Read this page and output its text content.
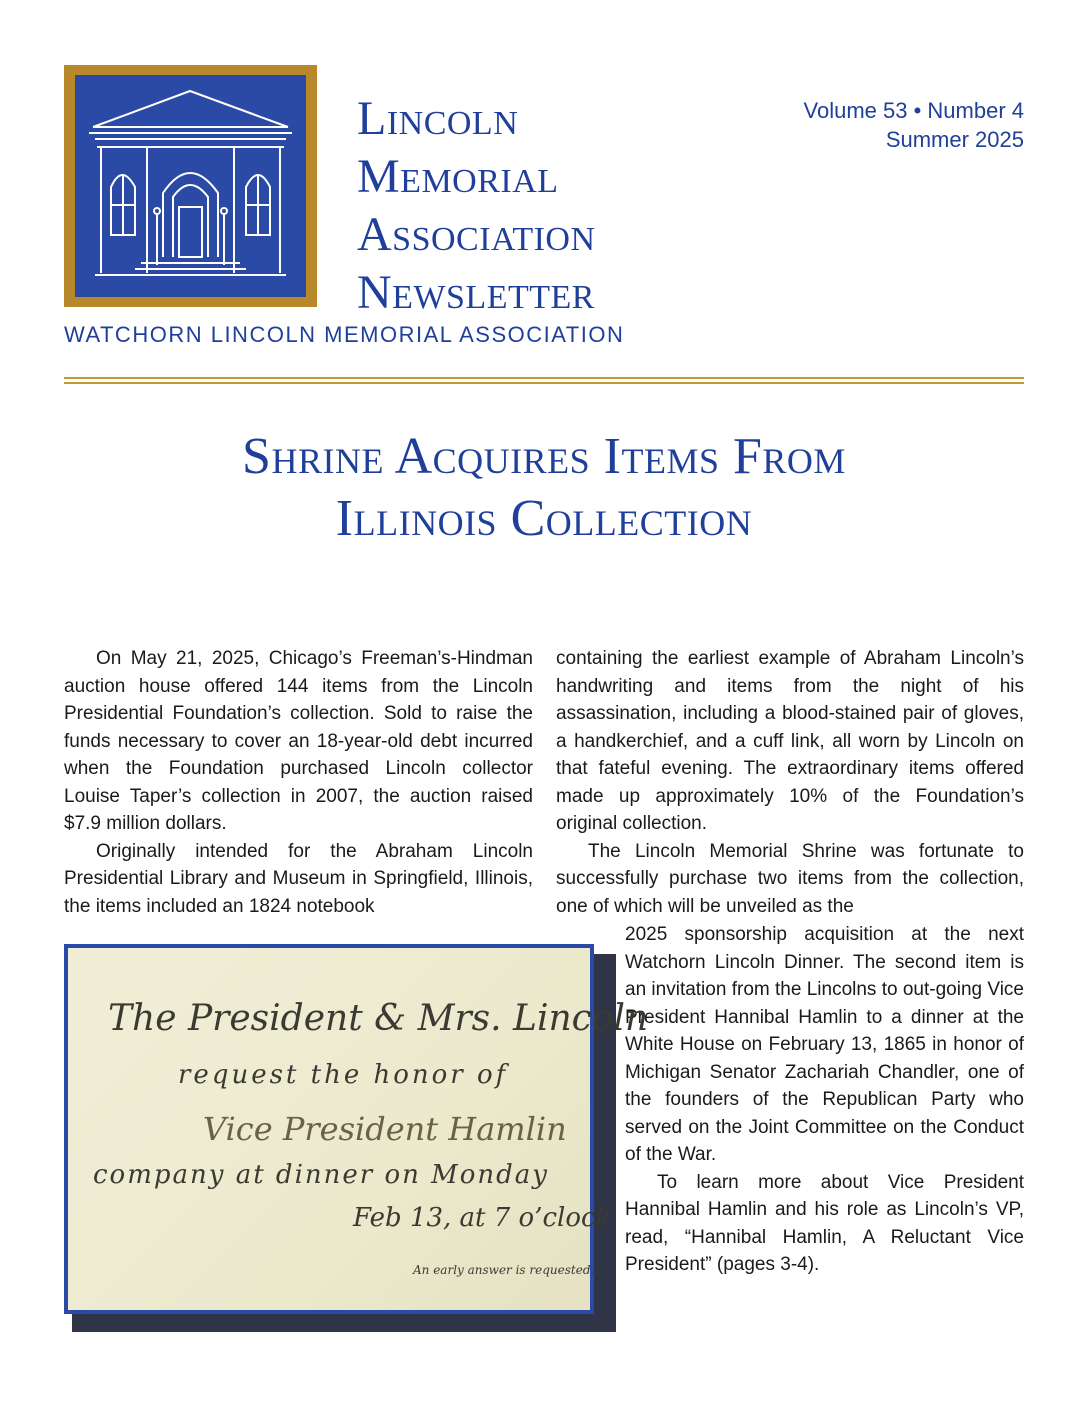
Lincoln
Memorial
Association
Newsletter
Volume 53 • Number 4
Summer 2025
WATCHORN LINCOLN MEMORIAL ASSOCIATION
Shrine Acquires Items From
Illinois Collection

On May 21, 2025, Chicago’s Freeman’s-Hindman auction house offered 144 items from the Lincoln Presidential Foundation’s collection. Sold to raise the funds necessary to cover an 18-year-old debt incurred when the Foundation purchased Lincoln collector Louise Taper’s collection in 2007, the auction raised $7.9 million dollars.

Originally intended for the Abraham Lincoln Presidential Library and Museum in Springfield, Illinois, the items included an 1824 notebook

containing the earliest example of Abraham Lincoln’s handwriting and items from the night of his assassination, including a blood-stained pair of gloves, a handkerchief, and a cuff link, all worn by Lincoln on that fateful evening. The extraordinary items offered made up approximately 10% of the Foundation’s original collection.

The Lincoln Memorial Shrine was fortunate to successfully purchase two items from the collection, one of which will be unveiled as the

2025 sponsorship acquisition at the next Watchorn Lincoln Dinner. The second item is an invitation from the Lincolns to out-going Vice President Hannibal Hamlin to a dinner at the White House on February 13, 1865 in honor of Michigan Senator Zachariah Chandler, one of the founders of the Republican Party who served on the Joint Committee on the Conduct of the War.

To learn more about Vice President Hannibal Hamlin and his role as Lincoln’s VP, read, “Hannibal Hamlin, A Reluctant Vice President” (pages 3-4).

The President & Mrs. Lincoln
request the honor of
Vice President Hamlin
company at dinner on Monday
Feb 13, at 7 o’clock
An early answer is requested.
